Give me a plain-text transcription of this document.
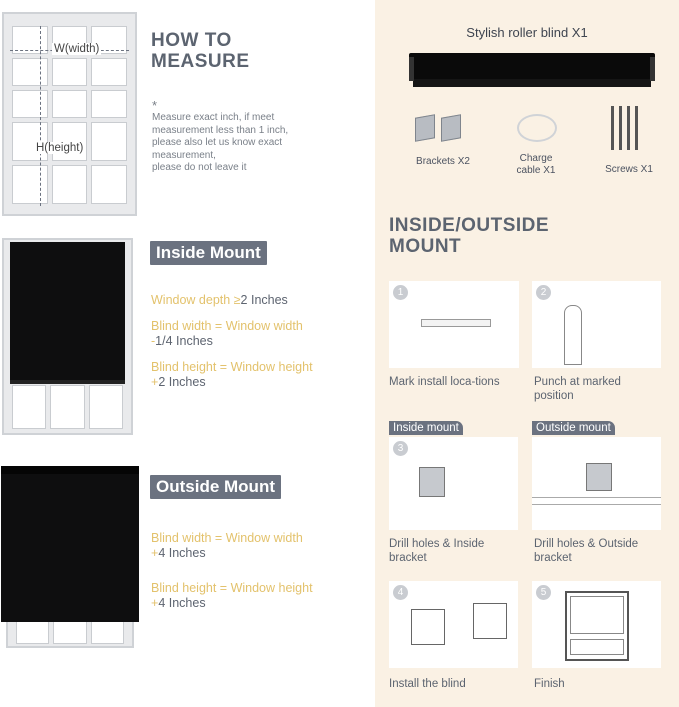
W(width)
H(height)
HOW TO
MEASURE
*
Measure exact inch, if meet
measurement less than 1 inch,
please also let us know exact
measurement,
please do not leave it
Inside Mount
Window depth ≥ 2 Inches
Blind width = Window width
- 1/4 Inches
Blind height = Window height
+ 2 Inches
Outside Mount
Blind width = Window width
+ 4 Inches
Blind height = Window height
+ 4 Inches
Stylish roller blind X1
Brackets X2	Charge
cable X1	Screws X1
INSIDE/OUTSIDE
MOUNT
1
Mark install loca-tions
2
Punch at marked
position
Inside mount
3
Drill holes & Inside
bracket
Outside mount
Drill holes & Outside
bracket
4
Install the blind
5
Finish
